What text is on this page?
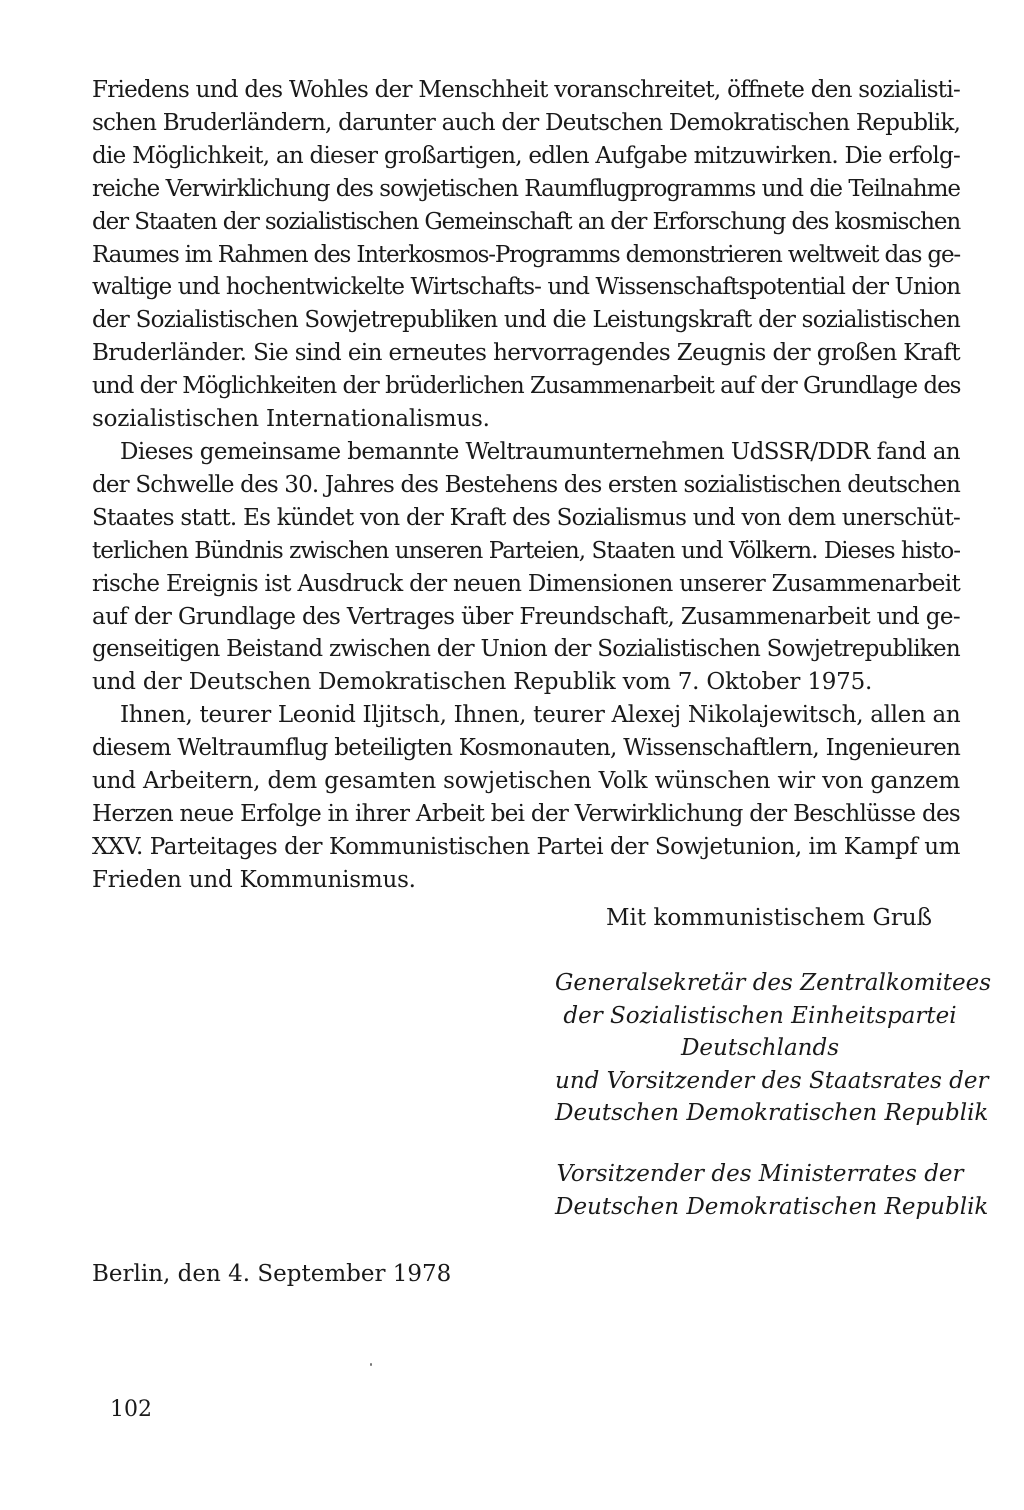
Friedens und des Wohles der Menschheit voranschreitet, öffnete den sozialisti-
schen Bruderländern, darunter auch der Deutschen Demokratischen Republik,
die Möglichkeit, an dieser großartigen, edlen Aufgabe mitzuwirken. Die erfolg-
reiche Verwirklichung des sowjetischen Raumflugprogramms und die Teilnahme
der Staaten der sozialistischen Gemeinschaft an der Erforschung des kosmischen
Raumes im Rahmen des Interkosmos-Programms demonstrieren weltweit das ge-
waltige und hochentwickelte Wirtschafts- und Wissenschaftspotential der Union
der Sozialistischen Sowjetrepubliken und die Leistungskraft der sozialistischen
Bruderländer. Sie sind ein erneutes hervorragendes Zeugnis der großen Kraft
und der Möglichkeiten der brüderlichen Zusammenarbeit auf der Grundlage des
sozialistischen Internationalismus.

Dieses gemeinsame bemannte Weltraumunternehmen UdSSR/DDR fand an
der Schwelle des 30. Jahres des Bestehens des ersten sozialistischen deutschen
Staates statt. Es kündet von der Kraft des Sozialismus und von dem unerschüt-
terlichen Bündnis zwischen unseren Parteien, Staaten und Völkern. Dieses histo-
rische Ereignis ist Ausdruck der neuen Dimensionen unserer Zusammenarbeit
auf der Grundlage des Vertrages über Freundschaft, Zusammenarbeit und ge-
genseitigen Beistand zwischen der Union der Sozialistischen Sowjetrepubliken
und der Deutschen Demokratischen Republik vom 7. Oktober 1975.

Ihnen, teurer Leonid Iljitsch, Ihnen, teurer Alexej Nikolajewitsch, allen an
diesem Weltraumflug beteiligten Kosmonauten, Wissenschaftlern, Ingenieuren
und Arbeitern, dem gesamten sowjetischen Volk wünschen wir von ganzem
Herzen neue Erfolge in ihrer Arbeit bei der Verwirklichung der Beschlüsse des
XXV. Parteitages der Kommunistischen Partei der Sowjetunion, im Kampf um
Frieden und Kommunismus.

Mit kommunistischem Gruß
Generalsekretär des Zentralkomitees
der Sozialistischen Einheitspartei
Deutschlands
und Vorsitzender des Staatsrates der
Deutschen Demokratischen Republik
Vorsitzender des Ministerrates der
Deutschen Demokratischen Republik
Berlin, den 4. September 1978
102
